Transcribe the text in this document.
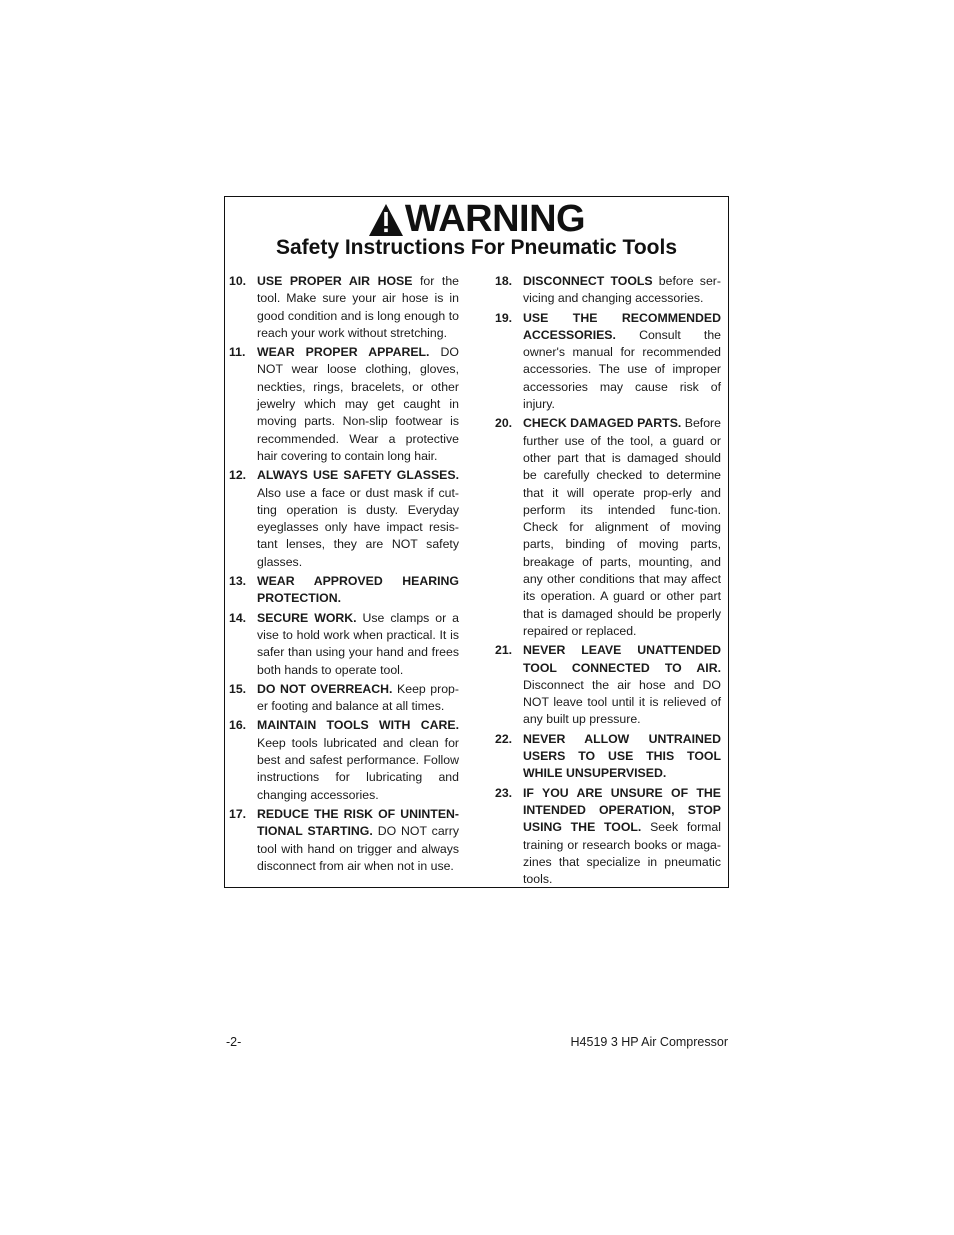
WARNING
Safety Instructions For Pneumatic Tools
10. USE PROPER AIR HOSE for the tool. Make sure your air hose is in good condition and is long enough to reach your work without stretching.
11. WEAR PROPER APPAREL. DO NOT wear loose clothing, gloves, neckties, rings, bracelets, or other jewelry which may get caught in moving parts. Non-slip footwear is recommended. Wear a protective hair covering to contain long hair.
12. ALWAYS USE SAFETY GLASSES. Also use a face or dust mask if cut-ting operation is dusty. Everyday eyeglasses only have impact resis-tant lenses, they are NOT safety glasses.
13. WEAR APPROVED HEARING PROTECTION.
14. SECURE WORK. Use clamps or a vise to hold work when practical. It is safer than using your hand and frees both hands to operate tool.
15. DO NOT OVERREACH. Keep prop-er footing and balance at all times.
16. MAINTAIN TOOLS WITH CARE. Keep tools lubricated and clean for best and safest performance. Follow instructions for lubricating and changing accessories.
17. REDUCE THE RISK OF UNINTEN-TIONAL STARTING. DO NOT carry tool with hand on trigger and always disconnect from air when not in use.
18. DISCONNECT TOOLS before ser-vicing and changing accessories.
19. USE THE RECOMMENDED ACCESSORIES. Consult the owner's manual for recommended accessories. The use of improper accessories may cause risk of injury.
20. CHECK DAMAGED PARTS. Before further use of the tool, a guard or other part that is damaged should be carefully checked to determine that it will operate prop-erly and perform its intended func-tion. Check for alignment of moving parts, binding of moving parts, breakage of parts, mounting, and any other conditions that may affect its operation. A guard or other part that is damaged should be properly repaired or replaced.
21. NEVER LEAVE UNATTENDED TOOL CONNECTED TO AIR. Disconnect the air hose and DO NOT leave tool until it is relieved of any built up pressure.
22. NEVER ALLOW UNTRAINED USERS TO USE THIS TOOL WHILE UNSUPERVISED.
23. IF YOU ARE UNSURE OF THE INTENDED OPERATION, STOP USING THE TOOL. Seek formal training or research books or maga-zines that specialize in pneumatic tools.
-2-	H4519 3 HP Air Compressor
